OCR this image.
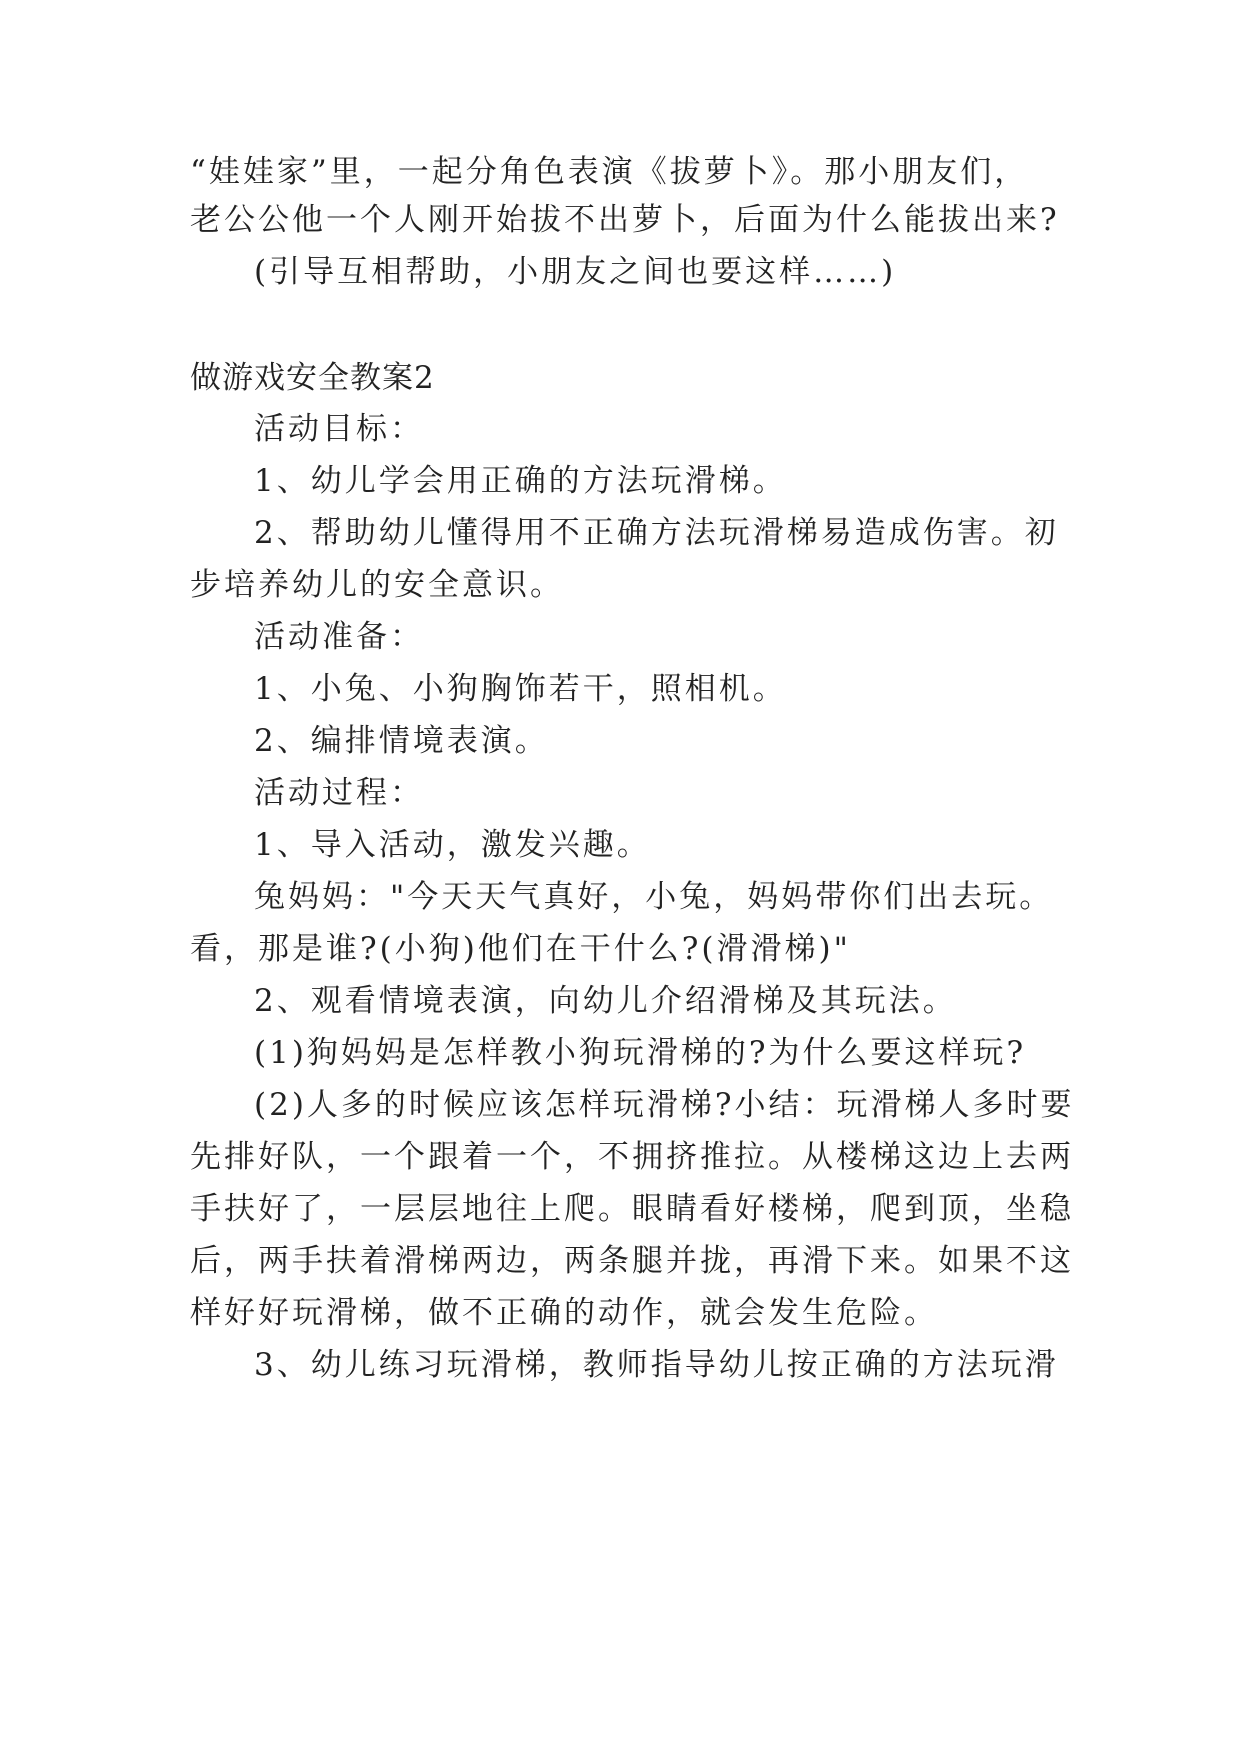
“娃娃家”里，一起分角色表演《拔萝卜》。那小朋友们，
老公公他一个人刚开始拔不出萝卜，后面为什么能拔出来?
(引导互相帮助，小朋友之间也要这样……)
做游戏安全教案2
活动目标：
1、幼儿学会用正确的方法玩滑梯。
2、帮助幼儿懂得用不正确方法玩滑梯易造成伤害。初
步培养幼儿的安全意识。
活动准备：
1、小兔、小狗胸饰若干，照相机。
2、编排情境表演。
活动过程：
1、导入活动，激发兴趣。
兔妈妈："今天天气真好，小兔，妈妈带你们出去玩。
看，那是谁?(小狗)他们在干什么?(滑滑梯)"
2、观看情境表演，向幼儿介绍滑梯及其玩法。
(1)狗妈妈是怎样教小狗玩滑梯的?为什么要这样玩?
(2)人多的时候应该怎样玩滑梯?小结：玩滑梯人多时要
先排好队，一个跟着一个，不拥挤推拉。从楼梯这边上去两
手扶好了，一层层地往上爬。眼睛看好楼梯，爬到顶，坐稳
后，两手扶着滑梯两边，两条腿并拢，再滑下来。如果不这
样好好玩滑梯，做不正确的动作，就会发生危险。
3、幼儿练习玩滑梯，教师指导幼儿按正确的方法玩滑
